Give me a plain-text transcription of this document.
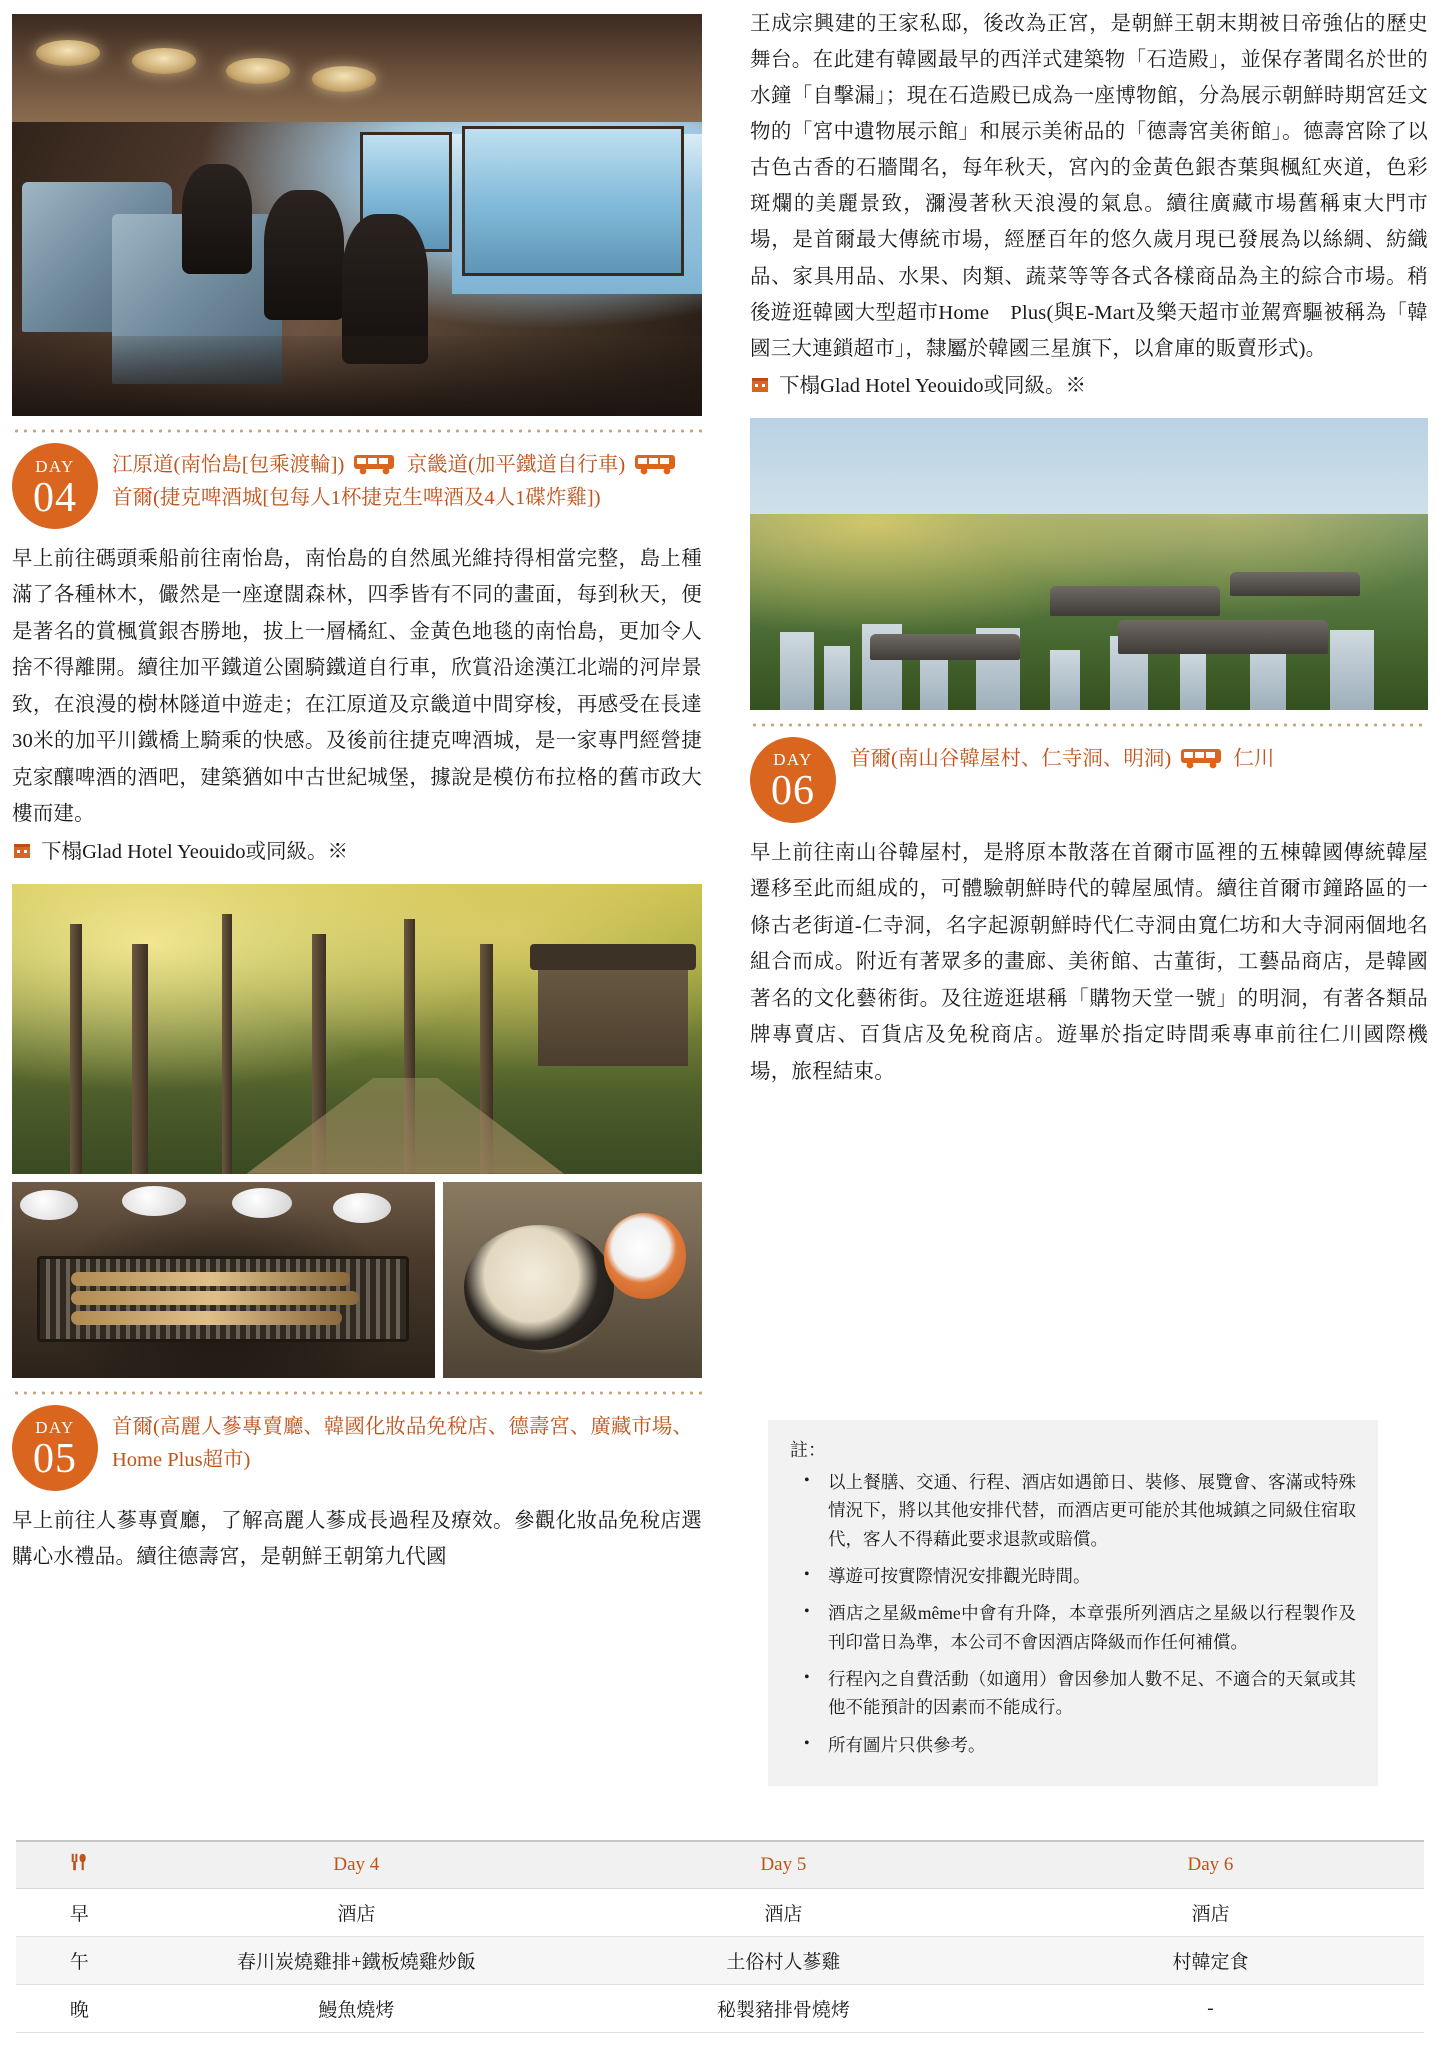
DAY
04
江原道(南怡島[包乘渡輪])	京畿道(加平鐵道自行車)  首爾(捷克啤酒城[包每人1杯捷克生啤酒及4人1碟炸雞])
早上前往碼頭乘船前往南怡島，南怡島的自然風光維持得相當完整，島上種滿了各種林木，儼然是一座遼闊森林，四季皆有不同的畫面，每到秋天，便是著名的賞楓賞銀杏勝地，拔上一層橘紅、金黃色地毯的南怡島，更加令人捨不得離開。續往加平鐵道公園騎鐵道自行車，欣賞沿途漢江北端的河岸景致，在浪漫的樹林隧道中遊走；在江原道及京畿道中間穿梭，再感受在長達30米的加平川鐵橋上騎乘的快感。及後前往捷克啤酒城，是一家專門經營捷克家釀啤酒的酒吧，建築猶如中古世紀城堡，據說是模仿布拉格的舊市政大樓而建。
下榻Glad Hotel Yeouido或同級。※
DAY
05
首爾(高麗人蔘專賣廳、韓國化妝品免稅店、德壽宮、廣藏市場、Home Plus超市)
早上前往人蔘專賣廳，了解高麗人蔘成長過程及療效。參觀化妝品免稅店選購心水禮品。續往德壽宮，是朝鮮王朝第九代國
王成宗興建的王家私邸，後改為正宮，是朝鮮王朝末期被日帝強佔的歷史舞台。在此建有韓國最早的西洋式建築物「石造殿」，並保存著聞名於世的水鐘「自擊漏」；現在石造殿已成為一座博物館，分為展示朝鮮時期宮廷文物的「宮中遺物展示館」和展示美術品的「德壽宮美術館」。德壽宮除了以古色古香的石牆聞名，每年秋天，宮內的金黃色銀杏葉與楓紅夾道，色彩斑爛的美麗景致，瀰漫著秋天浪漫的氣息。續往廣藏市場舊稱東大門市場，是首爾最大傳統市場，經歷百年的悠久歲月現已發展為以絲綢、紡織品、家具用品、水果、肉類、蔬菜等等各式各樣商品為主的綜合市場。稍後遊逛韓國大型超市Home　Plus(與E-Mart及樂天超市並駕齊驅被稱為「韓國三大連鎖超市」，隸屬於韓國三星旗下，以倉庫的販賣形式)。
下榻Glad Hotel Yeouido或同級。※
DAY
06
首爾(南山谷韓屋村、仁寺洞、明洞)	仁川
早上前往南山谷韓屋村，是將原本散落在首爾市區裡的五棟韓國傳統韓屋遷移至此而組成的，可體驗朝鮮時代的韓屋風情。續往首爾市鐘路區的一條古老街道-仁寺洞，名字起源朝鮮時代仁寺洞由寬仁坊和大寺洞兩個地名組合而成。附近有著眾多的畫廊、美術館、古董街，工藝品商店，是韓國著名的文化藝術街。及往遊逛堪稱「購物天堂一號」的明洞，有著各類品牌專賣店、百貨店及免稅商店。遊畢於指定時間乘專車前往仁川國際機場，旅程結束。
註：
• 以上餐膳、交通、行程、酒店如遇節日、裝修、展覽會、客滿或特殊情況下，將以其他安排代替，而酒店更可能於其他城鎮之同級住宿取代，客人不得藉此要求退款或賠償。
• 導遊可按實際情況安排觀光時間。
• 酒店之星級même中會有升降，本章張所列酒店之星級以行程製作及刊印當日為準，本公司不會因酒店降級而作任何補償。
• 行程內之自費活動（如適用）會因參加人數不足、不適合的天氣或其他不能預計的因素而不能成行。
• 所有圖片只供參考。
	Day 4	Day 5	Day 6
早	酒店	酒店	酒店
午	春川炭燒雞排+鐵板燒雞炒飯	土俗村人蔘雞	村韓定食
晚	鰻魚燒烤	秘製豬排骨燒烤	-
